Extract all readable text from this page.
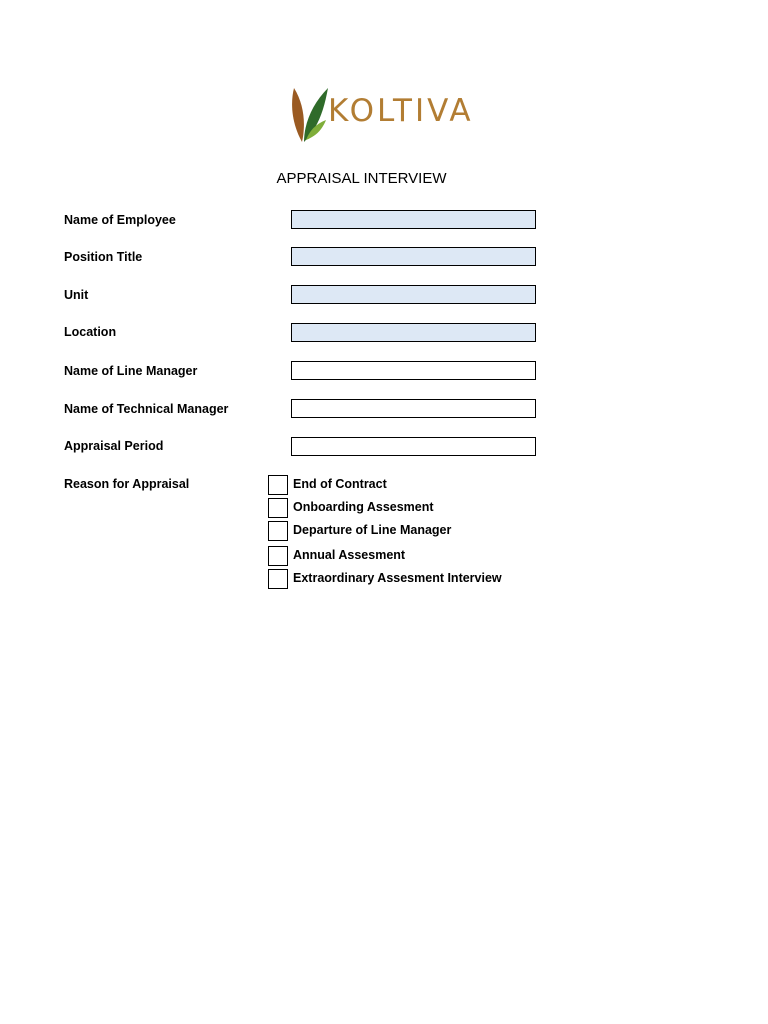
KOLTIVA
APPRAISAL INTERVIEW
Name of Employee
Position Title
Unit
Location
Name of Line Manager
Name of Technical Manager
Appraisal Period
Reason for Appraisal	End of Contract
Onboarding Assesment
Departure of Line Manager
Annual Assesment
Extraordinary Assesment Interview
